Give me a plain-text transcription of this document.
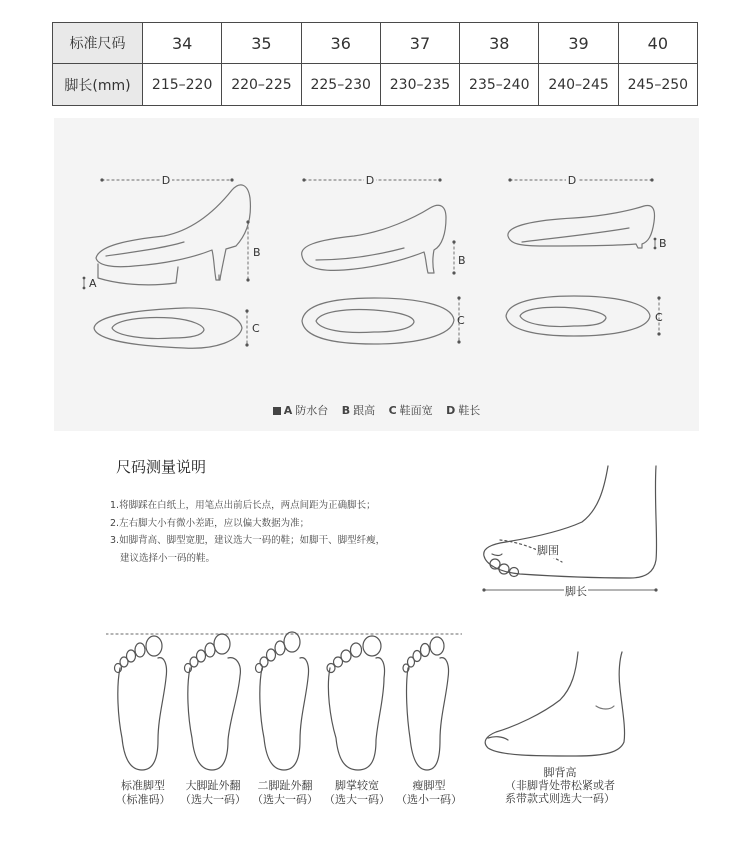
标准尺码	34	35	36	37	38	39	40
脚长(mm)	215–220	220–225	225–230	230–235	235–240	240–245	245–250
D	D	D
B
B
B
A
C
C	C
A 防水台 B 跟高 C 鞋面宽 D 鞋长
尺码测量说明
1.将脚踩在白纸上，用笔点出前后长点，两点间距为正确脚长；
2.左右脚大小有微小差距，应以偏大数据为准；
3.如脚背高、脚型宽肥，建议选大一码的鞋；如脚干、脚型纤瘦，
建议选择小一码的鞋。
脚围
脚长
标准脚型
（标准码）
大脚趾外翻
（选大一码）
二脚趾外翻
（选大一码）
脚掌较宽
（选大一码）
瘦脚型
（选小一码）
脚背高
（非脚背处带松紧或者
系带款式则选大一码）
